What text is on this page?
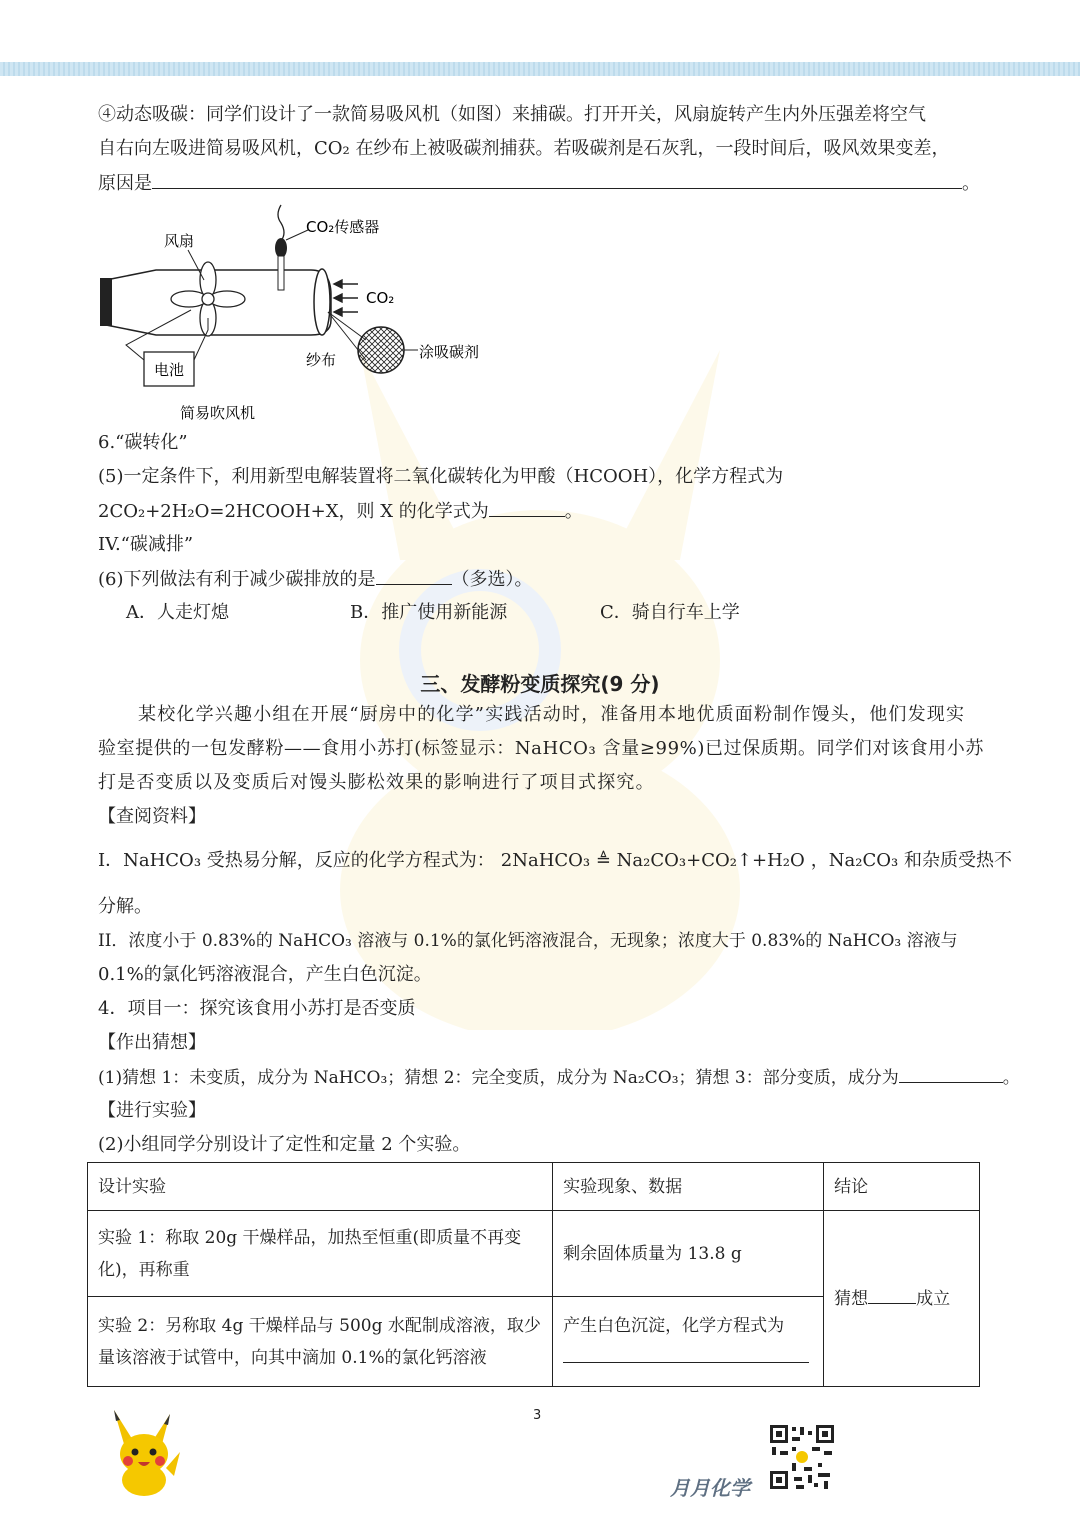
④动态吸碳：同学们设计了一款简易吸风机（如图）来捕碳。打开开关，风扇旋转产生内外压强差将空气
自右向左吸进简易吸风机，CO₂ 在纱布上被吸碳剂捕获。若吸碳剂是石灰乳，一段时间后，吸风效果变差，
原因是	。
风扇
CO₂传感器
CO₂
涂吸碳剂
纱布
电池
简易吹风机
6.“碳转化”
(5)一定条件下，利用新型电解装置将二氧化碳转化为甲酸（HCOOH），化学方程式为
2CO₂+2H₂O=2HCOOH+X，则 X 的化学式为	。
IV.“碳减排”
(6)下列做法有利于减少碳排放的是	（多选）。
A．人走灯熄	B．推广使用新能源	C．骑自行车上学
三、发酵粉变质探究(9 分)
某校化学兴趣小组在开展“厨房中的化学”实践活动时，准备用本地优质面粉制作馒头，他们发现实
验室提供的一包发酵粉——食用小苏打(标签显示：NaHCO₃ 含量≥99%)已过保质期。同学们对该食用小苏
打是否变质以及变质后对馒头膨松效果的影响进行了项目式探究。
【查阅资料】
I．NaHCO₃ 受热易分解，反应的化学方程式为： 2NaHCO₃ ≜ Na₂CO₃+CO₂↑+H₂O ，Na₂CO₃ 和杂质受热不
分解。
II．浓度小于 0.83%的 NaHCO₃ 溶液与 0.1%的氯化钙溶液混合，无现象；浓度大于 0.83%的 NaHCO₃ 溶液与
0.1%的氯化钙溶液混合，产生白色沉淀。
4．项目一：探究该食用小苏打是否变质
【作出猜想】
(1)猜想 1：未变质，成分为 NaHCO₃；猜想 2：完全变质，成分为 Na₂CO₃；猜想 3：部分变质，成分为	。
【进行实验】
(2)小组同学分别设计了定性和定量 2 个实验。
设计实验	实验现象、数据	结论
实验 1：称取 20g 干燥样品，加热至恒重(即质量不再变化)，再称重	剩余固体质量为 13.8 g	猜想 成立
实验 2：另称取 4g 干燥样品与 500g 水配制成溶液，取少量该溶液于试管中，向其中滴加 0.1%的氯化钙溶液	产生白色沉淀，化学方程式为	
3
月月化学
